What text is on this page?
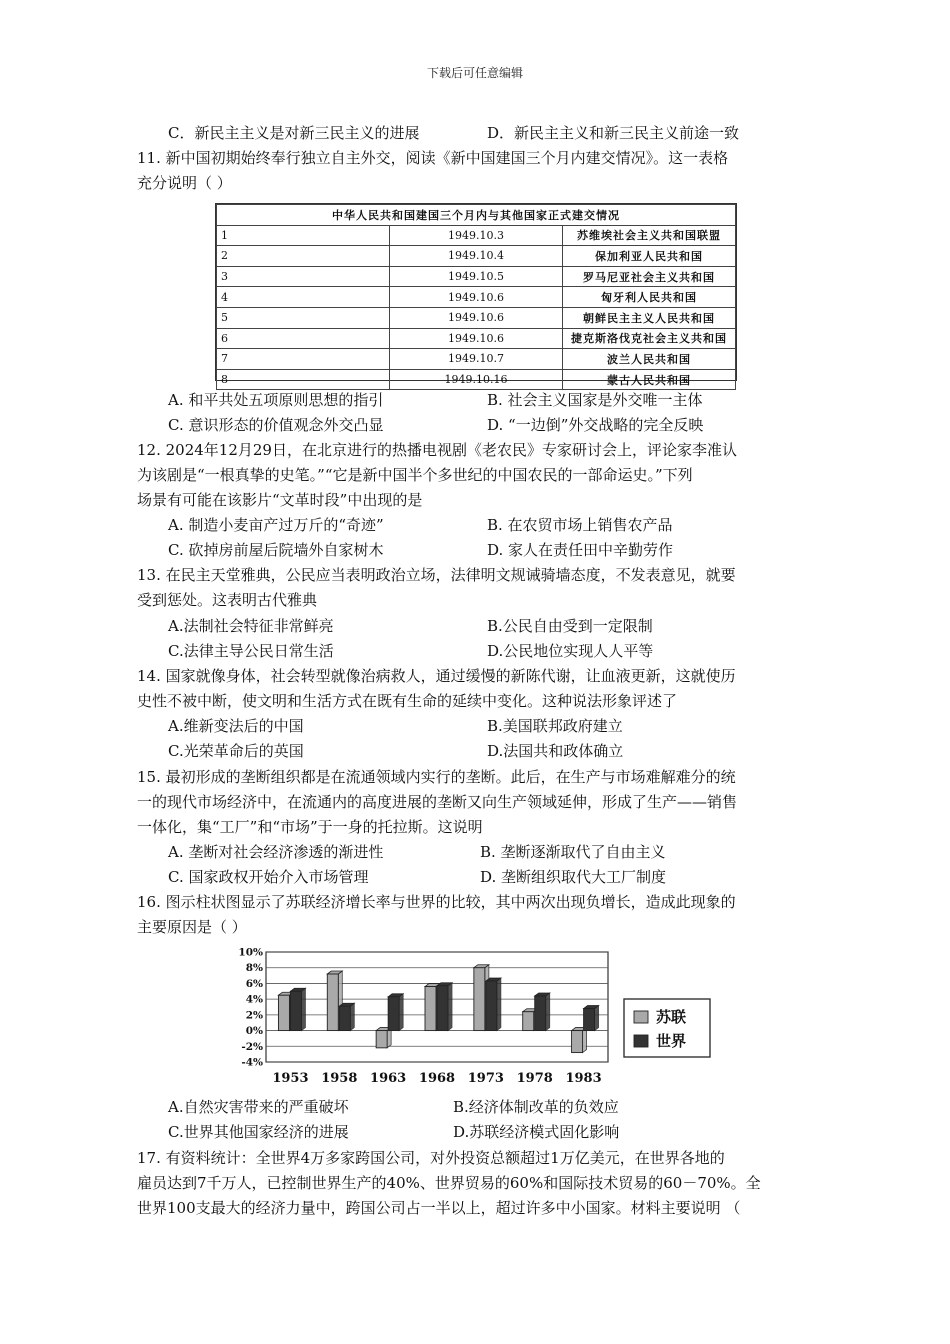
下载后可任意编辑
C．新民主主义是对新三民主义的进展	D．新民主主义和新三民主义前途一致
11. 新中国初期始终奉行独立自主外交，阅读《新中国建国三个月内建交情况》。这一表格
充分说明（ ）
中华人民共和国建国三个月内与其他国家正式建交情况		
1	1949.10.3	苏维埃社会主义共和国联盟
2	1949.10.4	保加利亚人民共和国
3	1949.10.5	罗马尼亚社会主义共和国
4	1949.10.6	匈牙利人民共和国
5	1949.10.6	朝鲜民主主义人民共和国
6	1949.10.6	捷克斯洛伐克社会主义共和国
7	1949.10.7	波兰人民共和国
8	1949.10.16	蒙古人民共和国
A. 和平共处五项原则思想的指引	B. 社会主义国家是外交唯一主体
C. 意识形态的价值观念外交凸显	D. “一边倒”外交战略的完全反映
12. 2024年12月29日，在北京进行的热播电视剧《老农民》专家研讨会上，评论家李准认
为该剧是“一根真挚的史笔。”“它是新中国半个多世纪的中国农民的一部命运史。”下列
场景有可能在该影片“文革时段”中出现的是
A. 制造小麦亩产过万斤的“奇迹”	B. 在农贸市场上销售农产品
C. 砍掉房前屋后院墙外自家树木	D. 家人在责任田中辛勤劳作
13. 在民主天堂雅典，公民应当表明政治立场，法律明文规诫骑墙态度，不发表意见，就要
受到惩处。这表明古代雅典
A.法制社会特征非常鲜亮	B.公民自由受到一定限制
C.法律主导公民日常生活	D.公民地位实现人人平等
14. 国家就像身体，社会转型就像治病救人，通过缓慢的新陈代谢，让血液更新，这就使历
史性不被中断，使文明和生活方式在既有生命的延续中变化。这种说法形象评述了
A.维新变法后的中国	B.美国联邦政府建立
C.光荣革命后的英国	D.法国共和政体确立
15. 最初形成的垄断组织都是在流通领域内实行的垄断。此后，在生产与市场难解难分的统
一的现代市场经济中，在流通内的高度进展的垄断又向生产领域延伸，形成了生产——销售
一体化，集“工厂”和“市场”于一身的托拉斯。这说明
A. 垄断对社会经济渗透的渐进性	B. 垄断逐渐取代了自由主义
C. 国家政权开始介入市场管理	D. 垄断组织取代大工厂制度
16. 图示柱状图显示了苏联经济增长率与世界的比较，其中两次出现负增长，造成此现象的
主要原因是（ ）
10%
8%
6%
4%
2%
0%
-2%
-4%
1953 1958 1963 1968 1973 1978 1983
苏联
世界
A.自然灾害带来的严重破坏	B.经济体制改革的负效应
C.世界其他国家经济的进展	D.苏联经济模式固化影响
17. 有资料统计：全世界4万多家跨国公司，对外投资总额超过1万亿美元，在世界各地的
雇员达到7千万人，已控制世界生产的40%、世界贸易的60%和国际技术贸易的60－70%。全
世界100支最大的经济力量中，跨国公司占一半以上，超过许多中小国家。材料主要说明 （
